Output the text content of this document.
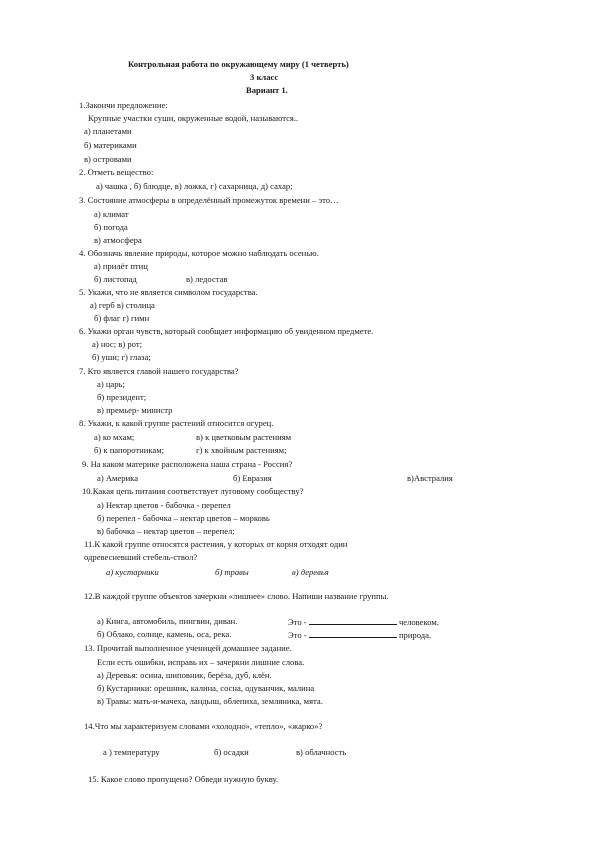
Контрольная работа по окружающему миру (1 четверть)
3 класс
Вариант 1.
1.Закончи предложение:
Крупные участки суши, окруженные водой, называются..
а) планетами
б) материками
в) островами
2. Отметь вещество:
а) чашка , б) блюдце, в) ложка, г) сахарница, д) сахар;
3. Состояние атмосферы в определённый промежуток времени – это…
а) климат
б) погода
в) атмосфера
4. Обозначь явление природы, которое можно наблюдать осенью.
а) прилёт птиц
б) листопад	в) ледостав
5. Укажи, что не является символом государства.
а) герб в) столица
б) флаг г) гимн
6. Укажи орган чувств, который сообщает информацию об увиденном предмете.
а) нос; в) рот;
б) уши; г) глаза;
7. Кто является главой нашего государства?
а) царь;
б) президент;
в) премьер- министр
8. Укажи, к какой группе растений относится огурец.
а) ко мхам;	в) к цветковым растениям
б) к папоротникам;	г) к хвойным растениям;
9. На каком материке расположена наша страна - Россия?
а) Америка	б) Евразия	в)Австралия
10.Какая цепь питания соответствует луговому сообществу?
а) Нектар цветов - бабочка - перепел
б) перепел - бабочка – нектар цветов – морковь
в) бабочка – нектар цветов – перепел;
11.К какой группе относятся растения, у которых от корня отходят один
одревесневший стебель-ствол?
а) кустарники	б) травы	в) деревья
12.В каждой группе объектов зачеркни «лишнее» слово. Напиши название группы.
а) Книга, автомобиль, пингвин, диван.	Это -	человеком.
б) Облако, солнце, камень, оса, река.	Это -	природа.
13. Прочитай выполненное ученицей домашнее задание.
Если есть ошибки, исправь их – зачеркни лишние слова.
а) Деревья: осина, шиповник, берёза, дуб, клён.
б) Кустарники: орешник, калина, сосна, одуванчик, малина
в) Травы: мать-и-мачеха, ландыш, облепиха, земляника, мята.
14.Что мы характеризуем словами «холодно», «тепло», «жарко»?
а ) температуру	б) осадки	в) облачность
15. Какое слово пропущено? Обведи нужную букву.
